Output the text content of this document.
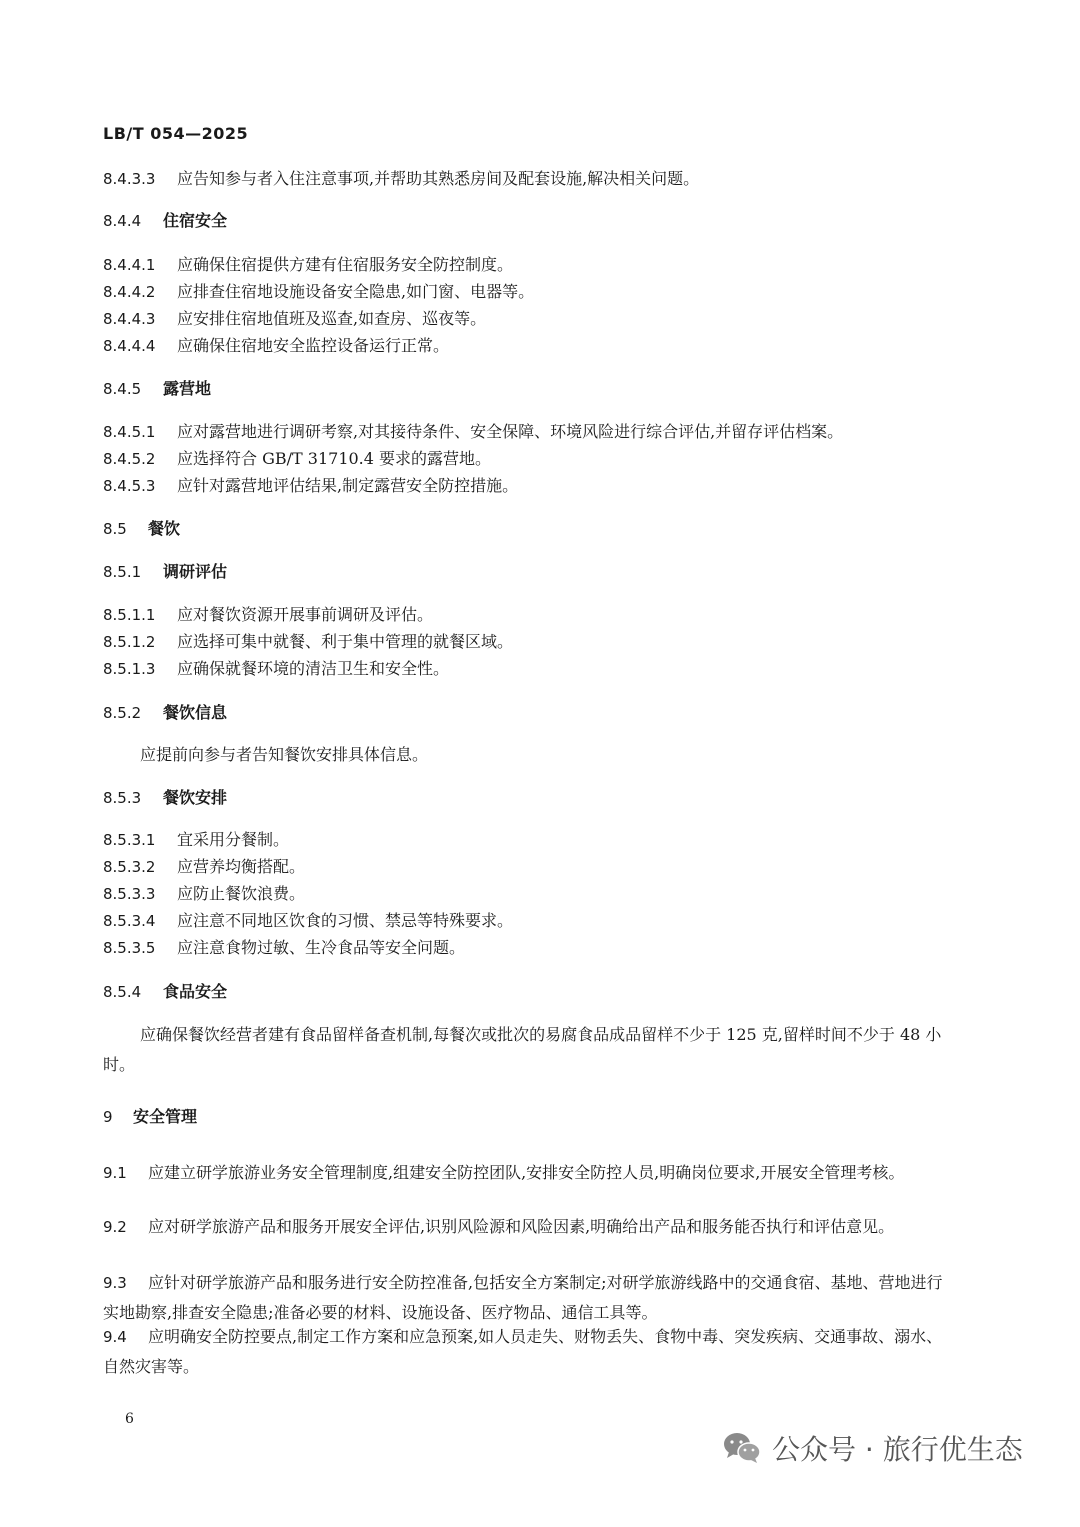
LB/T 054—2025
8.4.3.3 应告知参与者入住注意事项,并帮助其熟悉房间及配套设施,解决相关问题。
8.4.4 住宿安全
8.4.4.1 应确保住宿提供方建有住宿服务安全防控制度。
8.4.4.2 应排查住宿地设施设备安全隐患,如门窗、电器等。
8.4.4.3 应安排住宿地值班及巡查,如查房、巡夜等。
8.4.4.4 应确保住宿地安全监控设备运行正常。
8.4.5 露营地
8.4.5.1 应对露营地进行调研考察,对其接待条件、安全保障、环境风险进行综合评估,并留存评估档案。
8.4.5.2 应选择符合 GB/T 31710.4 要求的露营地。
8.4.5.3 应针对露营地评估结果,制定露营安全防控措施。
8.5 餐饮
8.5.1 调研评估
8.5.1.1 应对餐饮资源开展事前调研及评估。
8.5.1.2 应选择可集中就餐、利于集中管理的就餐区域。
8.5.1.3 应确保就餐环境的清洁卫生和安全性。
8.5.2 餐饮信息
应提前向参与者告知餐饮安排具体信息。
8.5.3 餐饮安排
8.5.3.1 宜采用分餐制。
8.5.3.2 应营养均衡搭配。
8.5.3.3 应防止餐饮浪费。
8.5.3.4 应注意不同地区饮食的习惯、禁忌等特殊要求。
8.5.3.5 应注意食物过敏、生冷食品等安全问题。
8.5.4 食品安全
应确保餐饮经营者建有食品留样备查机制,每餐次或批次的易腐食品成品留样不少于 125 克,留样时间不少于 48 小时。
9 安全管理
9.1 应建立研学旅游业务安全管理制度,组建安全防控团队,安排安全防控人员,明确岗位要求,开展安全管理考核。
9.2 应对研学旅游产品和服务开展安全评估,识别风险源和风险因素,明确给出产品和服务能否执行和评估意见。
9.3 应针对研学旅游产品和服务进行安全防控准备,包括安全方案制定;对研学旅游线路中的交通食宿、基地、营地进行实地勘察,排查安全隐患;准备必要的材料、设施设备、医疗物品、通信工具等。
9.4 应明确安全防控要点,制定工作方案和应急预案,如人员走失、财物丢失、食物中毒、突发疾病、交通事故、溺水、自然灾害等。
6
公众号 · 旅行优生态
